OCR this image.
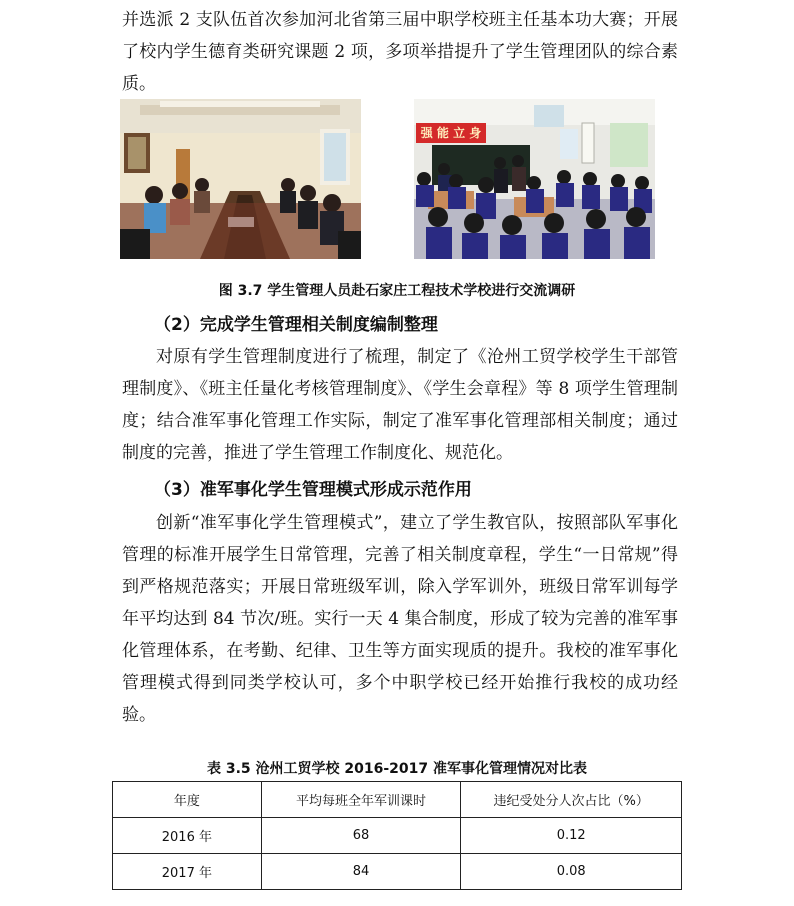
并选派 2 支队伍首次参加河北省第三届中职学校班主任基本功大赛；开展了校内学生德育类研究课题 2 项，多项举措提升了学生管理团队的综合素质。

强 能 立 身

图 3.7 学生管理人员赴石家庄工程技术学校进行交流调研

（2）完成学生管理相关制度编制整理

对原有学生管理制度进行了梳理，制定了《沧州工贸学校学生干部管理制度》、《班主任量化考核管理制度》、《学生会章程》等 8 项学生管理制度；结合准军事化管理工作实际，制定了准军事化管理部相关制度；通过制度的完善，推进了学生管理工作制度化、规范化。

（3）准军事化学生管理模式形成示范作用

创新“准军事化学生管理模式”，建立了学生教官队，按照部队军事化管理的标准开展学生日常管理，完善了相关制度章程，学生“一日常规”得到严格规范落实；开展日常班级军训，除入学军训外，班级日常军训每学年平均达到 84 节次/班。实行一天 4 集合制度，形成了较为完善的准军事化管理体系，在考勤、纪律、卫生等方面实现质的提升。我校的准军事化管理模式得到同类学校认可，多个中职学校已经开始推行我校的成功经验。

表 3.5 沧州工贸学校 2016-2017 准军事化管理情况对比表

年度	平均每班全年军训课时	违纪受处分人次占比（%）
2016 年	68	0.12
2017 年	84	0.08
